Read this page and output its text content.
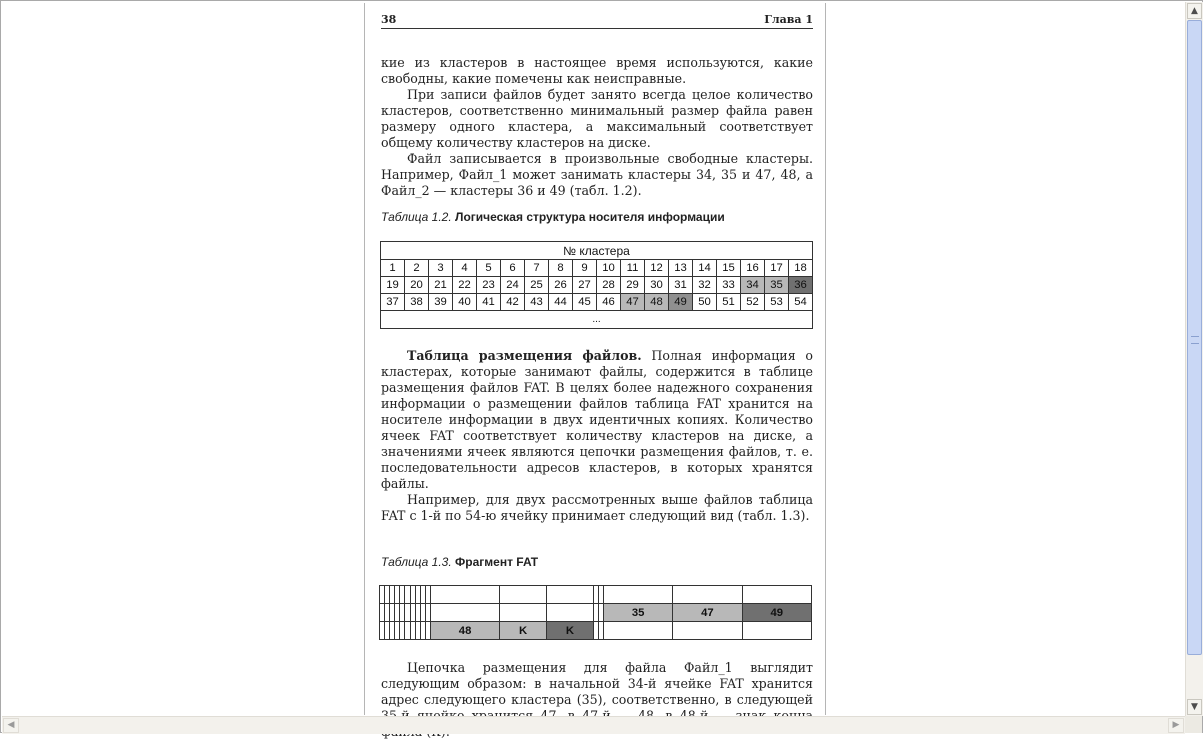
38	Глава 1
кие из кластеров в настоящее время используются, какие свободны, какие помечены как неисправные.
При записи файлов будет занято всегда целое количество кластеров, соответственно минимальный размер файла равен размеру одного кластера, а максимальный соответствует общему количеству кластеров на диске.
Файл записывается в произвольные свободные кластеры. Например, Файл_1 может занимать кластеры 34, 35 и 47, 48, а Файл_2 — кластеры 36 и 49 (табл. 1.2).
Таблица 1.2. Логическая структура носителя информации
№ кластера																	
1	2	3	4	5	6	7	8	9	10	11	12	13	14	15	16	17	18
19	20	21	22	23	24	25	26	27	28	29	30	31	32	33	34	35	36
37	38	39	40	41	42	43	44	45	46	47	48	49	50	51	52	53	54
...																	
Таблица размещения файлов. Полная информация о кластерах, которые занимают файлы, содержится в таблице размещения файлов FAT. В целях более надежного сохранения информации о размещении файлов таблица FAT хранится на носителе информации в двух идентичных копиях. Количество ячеек FAT соответствует количеству кластеров на диске, а значениями ячеек являются цепочки размещения файлов, т. е. последовательности адресов кластеров, в которых хранятся файлы.
Например, для двух рассмотренных выше файлов таблица FAT с 1-й по 54-ю ячейку принимает следующий вид (табл. 1.3).
Таблица 1.3. Фрагмент FAT

															35	47	49
										48	K	K					
Цепочка размещения для файла Файл_1 выглядит следующим образом: в начальной 34-й ячейке FAT хранится адрес следующего кластера (35), соответственно, в следующей
▲
▼
◀	▶
